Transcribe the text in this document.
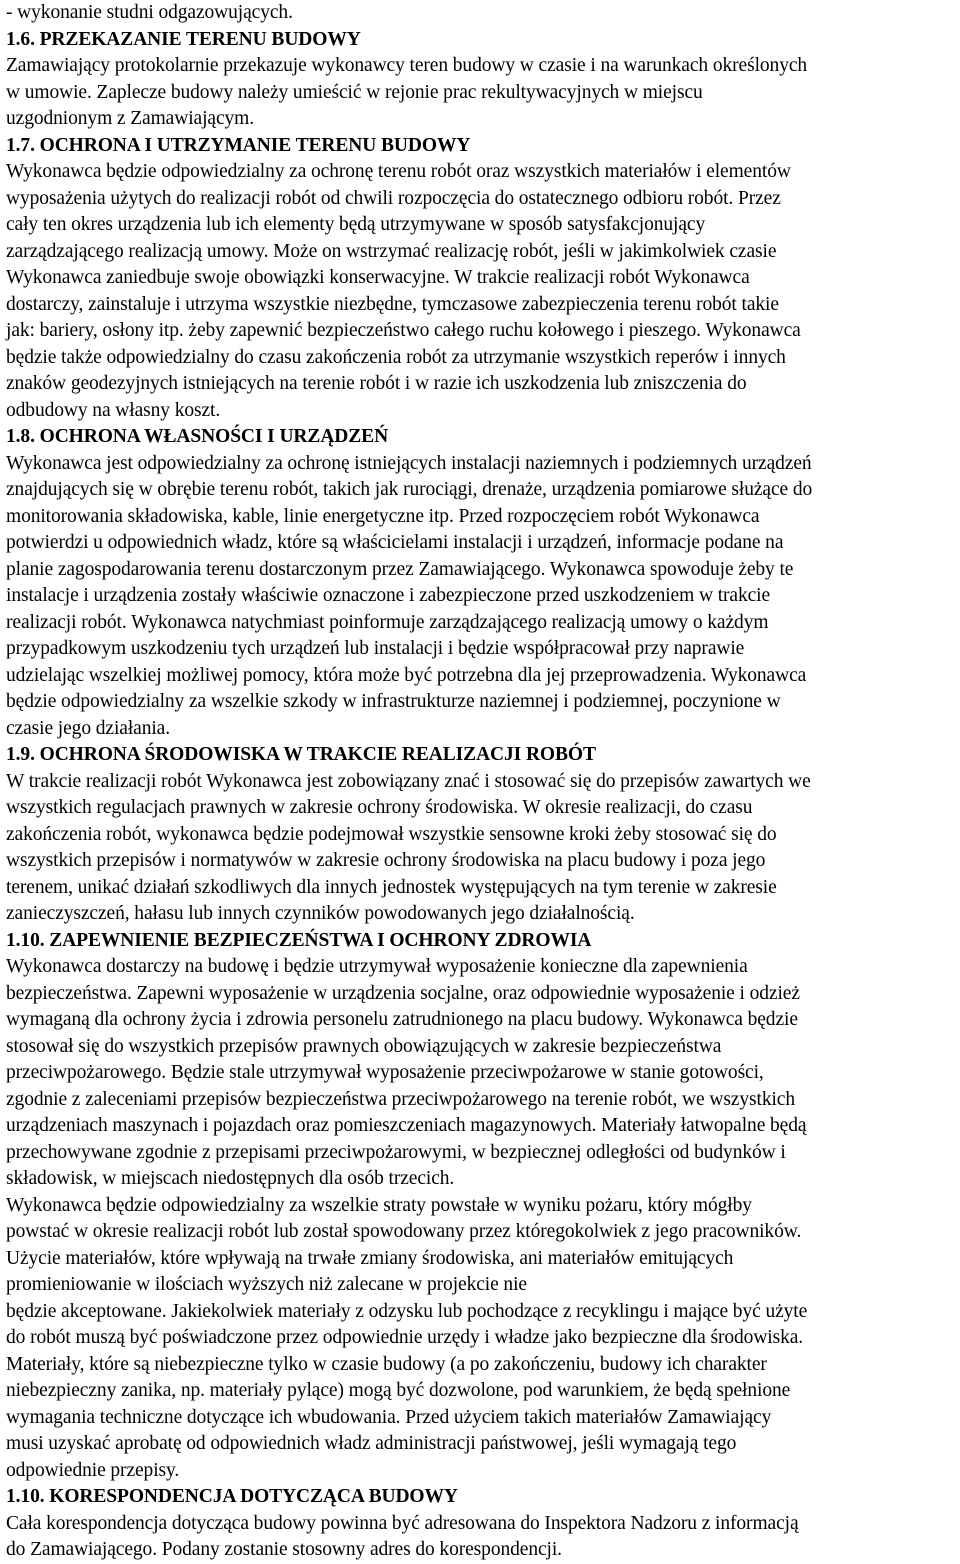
- wykonanie studni odgazowujących.
1.6. PRZEKAZANIE TERENU BUDOWY
Zamawiający protokolarnie przekazuje wykonawcy teren budowy w czasie i na warunkach określonych
w umowie. Zaplecze budowy należy umieścić w rejonie prac rekultywacyjnych w miejscu
uzgodnionym z Zamawiającym.
1.7. OCHRONA I UTRZYMANIE TERENU BUDOWY
Wykonawca będzie odpowiedzialny za ochronę terenu robót oraz wszystkich materiałów i elementów
wyposażenia użytych do realizacji robót od chwili rozpoczęcia do ostatecznego odbioru robót. Przez
cały ten okres urządzenia lub ich elementy będą utrzymywane w sposób satysfakcjonujący
zarządzającego realizacją umowy. Może on wstrzymać realizację robót, jeśli w jakimkolwiek czasie
Wykonawca zaniedbuje swoje obowiązki konserwacyjne. W trakcie realizacji robót Wykonawca
dostarczy, zainstaluje i utrzyma wszystkie niezbędne, tymczasowe zabezpieczenia terenu robót takie
jak: bariery, osłony itp. żeby zapewnić bezpieczeństwo całego ruchu kołowego i pieszego. Wykonawca
będzie także odpowiedzialny do czasu zakończenia robót za utrzymanie wszystkich reperów i innych
znaków geodezyjnych istniejących na terenie robót i w razie ich uszkodzenia lub zniszczenia do
odbudowy na własny koszt.
1.8. OCHRONA WŁASNOŚCI I URZĄDZEŃ
Wykonawca jest odpowiedzialny za ochronę istniejących instalacji naziemnych i podziemnych urządzeń
znajdujących się w obrębie terenu robót, takich jak rurociągi, drenaże, urządzenia pomiarowe służące do
monitorowania składowiska, kable, linie energetyczne itp. Przed rozpoczęciem robót Wykonawca
potwierdzi u odpowiednich władz, które są właścicielami instalacji i urządzeń, informacje podane na
planie zagospodarowania terenu dostarczonym przez Zamawiającego. Wykonawca spowoduje żeby te
instalacje i urządzenia zostały właściwie oznaczone i zabezpieczone przed uszkodzeniem w trakcie
realizacji robót. Wykonawca natychmiast poinformuje zarządzającego realizacją umowy o każdym
przypadkowym uszkodzeniu tych urządzeń lub instalacji i będzie współpracował przy naprawie
udzielając wszelkiej możliwej pomocy, która może być potrzebna dla jej przeprowadzenia. Wykonawca
będzie odpowiedzialny za wszelkie szkody w infrastrukturze naziemnej i podziemnej, poczynione w
czasie jego działania.
1.9. OCHRONA ŚRODOWISKA W TRAKCIE REALIZACJI ROBÓT
W trakcie realizacji robót Wykonawca jest zobowiązany znać i stosować się do przepisów zawartych we
wszystkich regulacjach prawnych w zakresie ochrony środowiska. W okresie realizacji, do czasu
zakończenia robót, wykonawca będzie podejmował wszystkie sensowne kroki żeby stosować się do
wszystkich przepisów i normatywów w zakresie ochrony środowiska na placu budowy i poza jego
terenem, unikać działań szkodliwych dla innych jednostek występujących na tym terenie w zakresie
zanieczyszczeń, hałasu lub innych czynników powodowanych jego działalnością.
1.10. ZAPEWNIENIE BEZPIECZEŃSTWA I OCHRONY ZDROWIA
Wykonawca dostarczy na budowę i będzie utrzymywał wyposażenie konieczne dla zapewnienia
bezpieczeństwa. Zapewni wyposażenie w urządzenia socjalne, oraz odpowiednie wyposażenie i odzież
wymaganą dla ochrony życia i zdrowia personelu zatrudnionego na placu budowy. Wykonawca będzie
stosował się do wszystkich przepisów prawnych obowiązujących w zakresie bezpieczeństwa
przeciwpożarowego. Będzie stale utrzymywał wyposażenie przeciwpożarowe w stanie gotowości,
zgodnie z zaleceniami przepisów bezpieczeństwa przeciwpożarowego na terenie robót, we wszystkich
urządzeniach maszynach i pojazdach oraz pomieszczeniach magazynowych. Materiały łatwopalne będą
przechowywane zgodnie z przepisami przeciwpożarowymi, w bezpiecznej odległości od budynków i
składowisk, w miejscach niedostępnych dla osób trzecich.
Wykonawca będzie odpowiedzialny za wszelkie straty powstałe w wyniku pożaru, który mógłby
powstać w okresie realizacji robót lub został spowodowany przez któregokolwiek z jego pracowników.
Użycie materiałów, które wpływają na trwałe zmiany środowiska, ani materiałów emitujących
promieniowanie w ilościach wyższych niż zalecane w projekcie nie
będzie akceptowane. Jakiekolwiek materiały z odzysku lub pochodzące z recyklingu i mające być użyte
do robót muszą być poświadczone przez odpowiednie urzędy i władze jako bezpieczne dla środowiska.
Materiały, które są niebezpieczne tylko w czasie budowy (a po zakończeniu, budowy ich charakter
niebezpieczny zanika, np. materiały pylące) mogą być dozwolone, pod warunkiem, że będą spełnione
wymagania techniczne dotyczące ich wbudowania. Przed użyciem takich materiałów Zamawiający
musi uzyskać aprobatę od odpowiednich władz administracji państwowej, jeśli wymagają tego
odpowiednie przepisy.
1.10. KORESPONDENCJA DOTYCZĄCA BUDOWY
Cała korespondencja dotycząca budowy powinna być adresowana do Inspektora Nadzoru z informacją
do Zamawiającego. Podany zostanie stosowny adres do korespondencji.
